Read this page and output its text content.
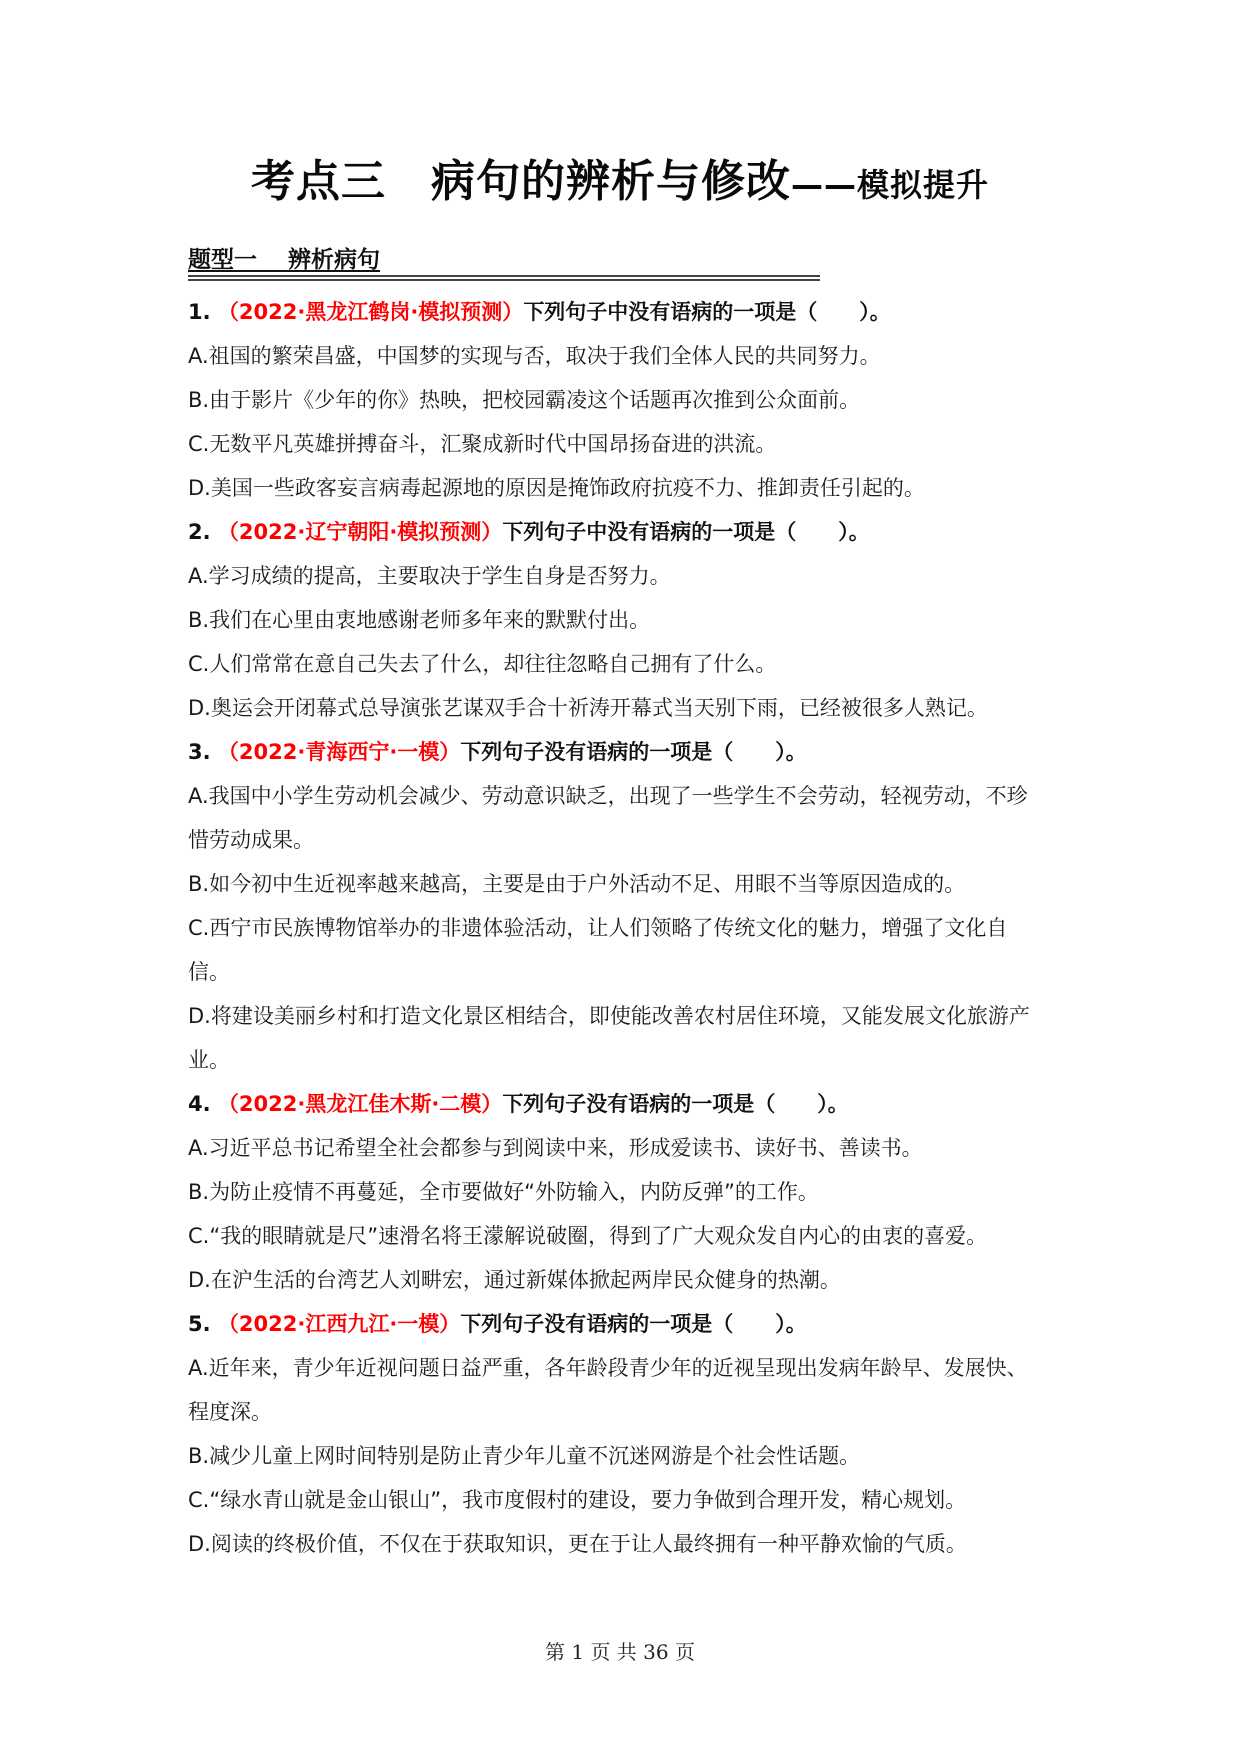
考点三　病句的辨析与修改——模拟提升
题型一　 辨析病句
1. （2022·黑龙江鹤岗·模拟预测）下列句子中没有语病的一项是（　　）。
A.祖国的繁荣昌盛，中国梦的实现与否，取决于我们全体人民的共同努力。
B.由于影片《少年的你》热映，把校园霸凌这个话题再次推到公众面前。
C.无数平凡英雄拼搏奋斗，汇聚成新时代中国昂扬奋进的洪流。
D.美国一些政客妄言病毒起源地的原因是掩饰政府抗疫不力、推卸责任引起的。
2. （2022·辽宁朝阳·模拟预测）下列句子中没有语病的一项是（　　）。
A.学习成绩的提高，主要取决于学生自身是否努力。
B.我们在心里由衷地感谢老师多年来的默默付出。
C.人们常常在意自己失去了什么，却往往忽略自己拥有了什么。
D.奥运会开闭幕式总导演张艺谋双手合十祈涛开幕式当天别下雨，已经被很多人熟记。
3. （2022·青海西宁·一模）下列句子没有语病的一项是（　　）。
A.我国中小学生劳动机会减少、劳动意识缺乏，出现了一些学生不会劳动，轻视劳动，不珍惜劳动成果。
B.如今初中生近视率越来越高，主要是由于户外活动不足、用眼不当等原因造成的。
C.西宁市民族博物馆举办的非遗体验活动，让人们领略了传统文化的魅力，增强了文化自信。
D.将建设美丽乡村和打造文化景区相结合，即使能改善农村居住环境，又能发展文化旅游产业。
4. （2022·黑龙江佳木斯·二模）下列句子没有语病的一项是（　　）。
A.习近平总书记希望全社会都参与到阅读中来，形成爱读书、读好书、善读书。
B.为防止疫情不再蔓延，全市要做好“外防输入，内防反弹”的工作。
C.“我的眼睛就是尺”速滑名将王濛解说破圈，得到了广大观众发自内心的由衷的喜爱。
D.在沪生活的台湾艺人刘畊宏，通过新媒体掀起两岸民众健身的热潮。
5. （2022·江西九江·一模）下列句子没有语病的一项是（　　）。
A.近年来，青少年近视问题日益严重，各年龄段青少年的近视呈现出发病年龄早、发展快、程度深。
B.减少儿童上网时间特别是防止青少年儿童不沉迷网游是个社会性话题。
C.“绿水青山就是金山银山”，我市度假村的建设，要力争做到合理开发，精心规划。
D.阅读的终极价值，不仅在于获取知识，更在于让人最终拥有一种平静欢愉的气质。
第 1 页 共 36 页
